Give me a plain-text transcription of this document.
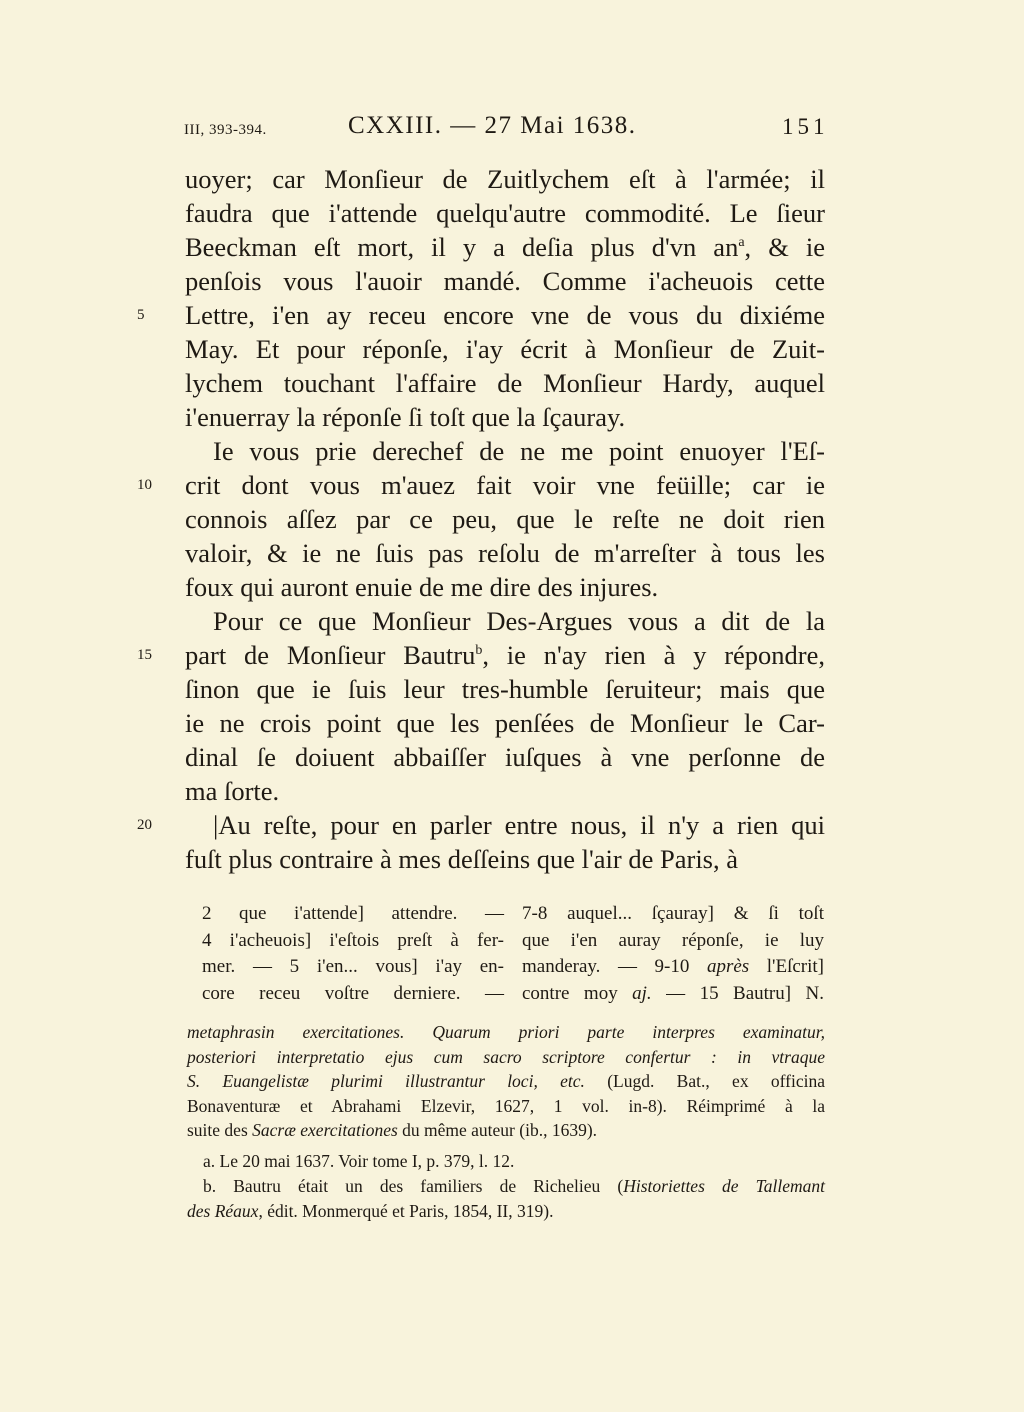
III, 393-394.	CXXIII. — 27 Mai 1638.	151
uoyer; car Monſieur de Zuitlychem eſt à l'armée; il
faudra que i'attende quelqu'autre commodité. Le ſieur
Beeckman eſt mort, il y a deſia plus d'vn $an^a$, & ie
penſois vous l'auoir mandé. Comme i'acheuois cette
Lettre, i'en ay receu encore vne de vous du dixiéme
5
May. Et pour réponſe, i'ay écrit à Monſieur de Zuit-
lychem touchant l'affaire de Monſieur Hardy, auquel
i'enuerray la réponſe ſi toſt que la ſçauray.
Ie vous prie derechef de ne me point enuoyer l'Eſ-
crit dont vous m'auez fait voir vne feüille; car ie
10
connois aſſez par ce peu, que le reſte ne doit rien
valoir, & ie ne ſuis pas reſolu de m'arreſter à tous les
foux qui auront enuie de me dire des injures.
Pour ce que Monſieur Des-Argues vous a dit de la
part de Monſieur Bautru$^b$, ie n'ay rien à y répondre,
15
ſinon que ie ſuis leur tres-humble ſeruiteur; mais que
ie ne crois point que les penſées de Monſieur le Car-
dinal ſe doiuent abbaiſſer iuſques à vne perſonne de
ma ſorte.
|Au reſte, pour en parler entre nous, il n'y a rien qui
20
fuſt plus contraire à mes deſſeins que l'air de Paris, à
2 que i'attende] attendre. —
4 i'acheuois] i'eſtois preſt à fer-
mer. — 5 i'en... vous] i'ay en-
core receu voſtre derniere. —
7-8 auquel... ſçauray] & ſi toſt
que i'en auray réponſe, ie luy
manderay. — 9-10 après l'Eſcrit]
contre moy aj. — 15 Bautru] N.
metaphrasin exercitationes. Quarum priori parte interpres examinatur,
posteriori interpretatio ejus cum sacro scriptore confertur : in vtraque
S. Euangelistæ plurimi illustrantur loci, etc. (Lugd. Bat., ex officina
Bonaventuræ et Abrahami Elzevir, 1627, 1 vol. in-8). Réimprimé à la
suite des Sacræ exercitationes du même auteur (ib., 1639).
a. Le 20 mai 1637. Voir tome I, p. 379, l. 12.
b. Bautru était un des familiers de Richelieu (Historiettes de Tallemant
des Réaux, édit. Monmerqué et Paris, 1854, II, 319).
